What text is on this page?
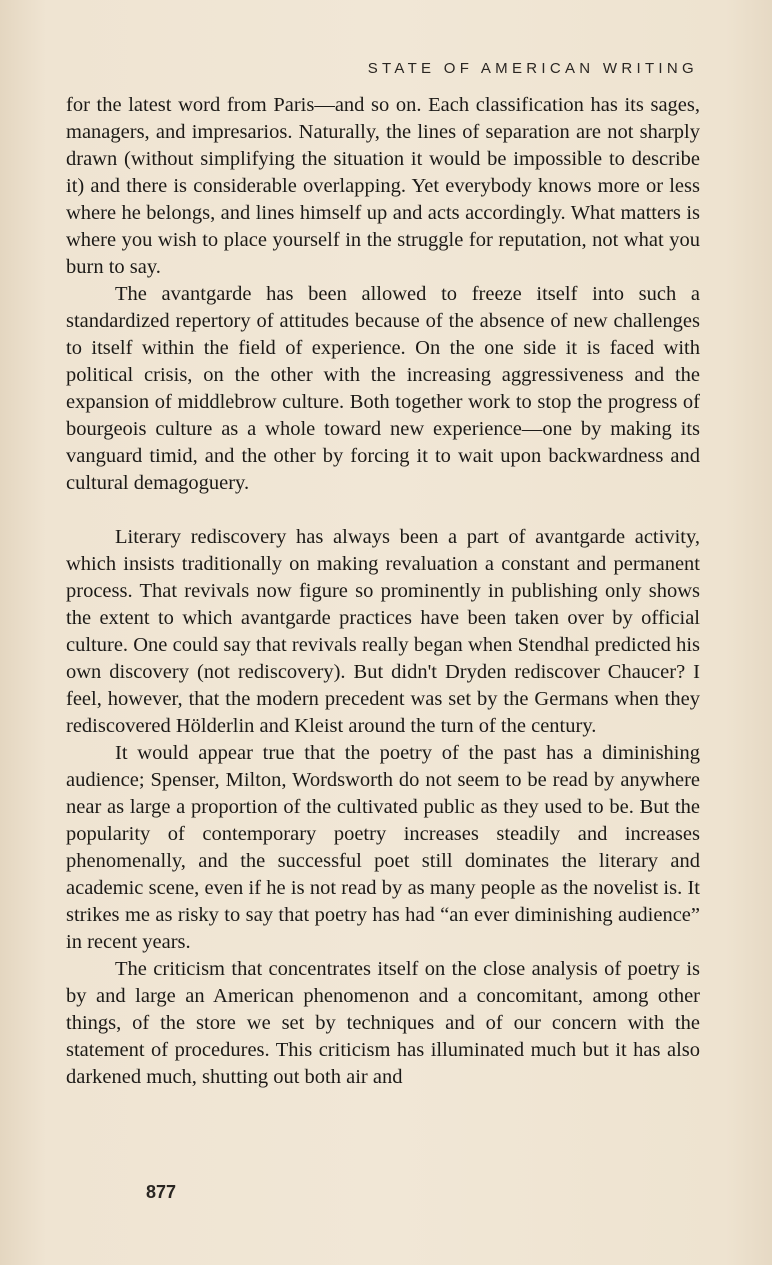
STATE OF AMERICAN WRITING

for the latest word from Paris—and so on. Each classification has its sages, managers, and impresarios. Naturally, the lines of separation are not sharply drawn (without simplifying the situation it would be impossible to describe it) and there is considerable overlapping. Yet everybody knows more or less where he belongs, and lines himself up and acts accordingly. What matters is where you wish to place yourself in the struggle for reputation, not what you burn to say.

The avantgarde has been allowed to freeze itself into such a standardized repertory of attitudes because of the absence of new challenges to itself within the field of experience. On the one side it is faced with political crisis, on the other with the increasing aggressiveness and the expansion of middlebrow culture. Both together work to stop the progress of bourgeois culture as a whole toward new experience—one by making its vanguard timid, and the other by forcing it to wait upon backwardness and cultural demagoguery.

Literary rediscovery has always been a part of avantgarde activity, which insists traditionally on making revaluation a constant and permanent process. That revivals now figure so prominently in publishing only shows the extent to which avantgarde practices have been taken over by official culture. One could say that revivals really began when Stendhal predicted his own discovery (not rediscovery). But didn't Dryden rediscover Chaucer? I feel, however, that the modern precedent was set by the Germans when they rediscovered Hölderlin and Kleist around the turn of the century.

It would appear true that the poetry of the past has a diminishing audience; Spenser, Milton, Wordsworth do not seem to be read by anywhere near as large a proportion of the cultivated public as they used to be. But the popularity of contemporary poetry increases steadily and increases phenomenally, and the successful poet still dominates the literary and academic scene, even if he is not read by as many people as the novelist is. It strikes me as risky to say that poetry has had “an ever diminishing audience” in recent years.

The criticism that concentrates itself on the close analysis of poetry is by and large an American phenomenon and a concomitant, among other things, of the store we set by techniques and of our concern with the statement of procedures. This criticism has illuminated much but it has also darkened much, shutting out both air and

877
